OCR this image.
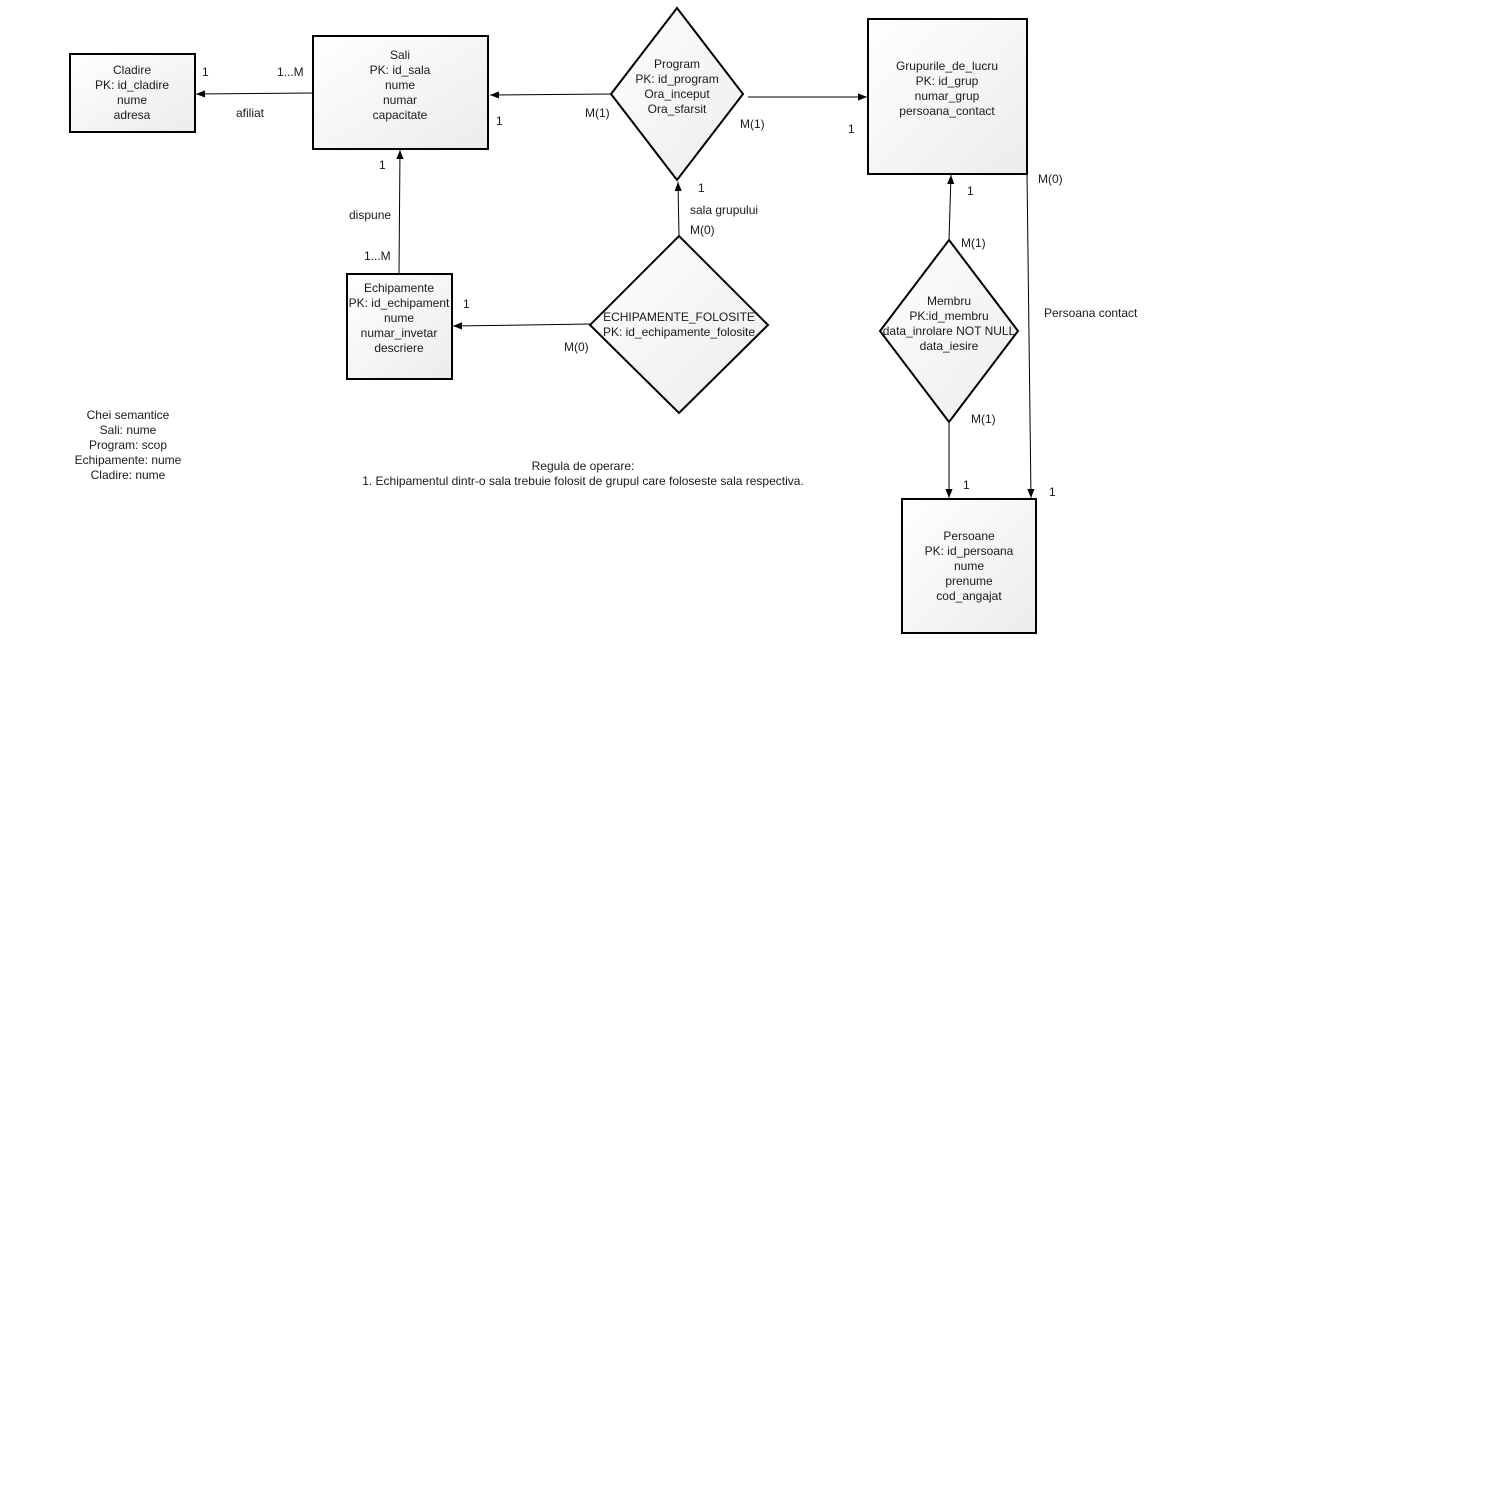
Cladire
PK: id_cladire
nume
adresa
Sali
PK: id_sala
nume
numar
capacitate
Grupurile_de_lucru
PK: id_grup
numar_grup
persoana_contact
Echipamente
PK: id_echipament
nume
numar_invetar
descriere
Persoane
PK: id_persoana
nume
prenume
cod_angajat
Program
PK: id_program
Ora_inceput
Ora_sfarsit
ECHIPAMENTE_FOLOSITE
PK: id_echipamente_folosite
Membru
PK:id_membru
data_inrolare NOT NULL
data_iesire
afiliat
dispune	sala grupului
Persoana contact
1	1...M
1
M(1)
M(1)	1
1
1...M
1
M(0)
1
M(0)
1
M(1)
M(1)
1
M(0)
1
Chei semantice
Sali: nume
Program: scop
Echipamente: nume
Cladire: nume
Regula de operare:
1. Echipamentul dintr-o sala trebuie folosit de grupul care foloseste sala respectiva.
